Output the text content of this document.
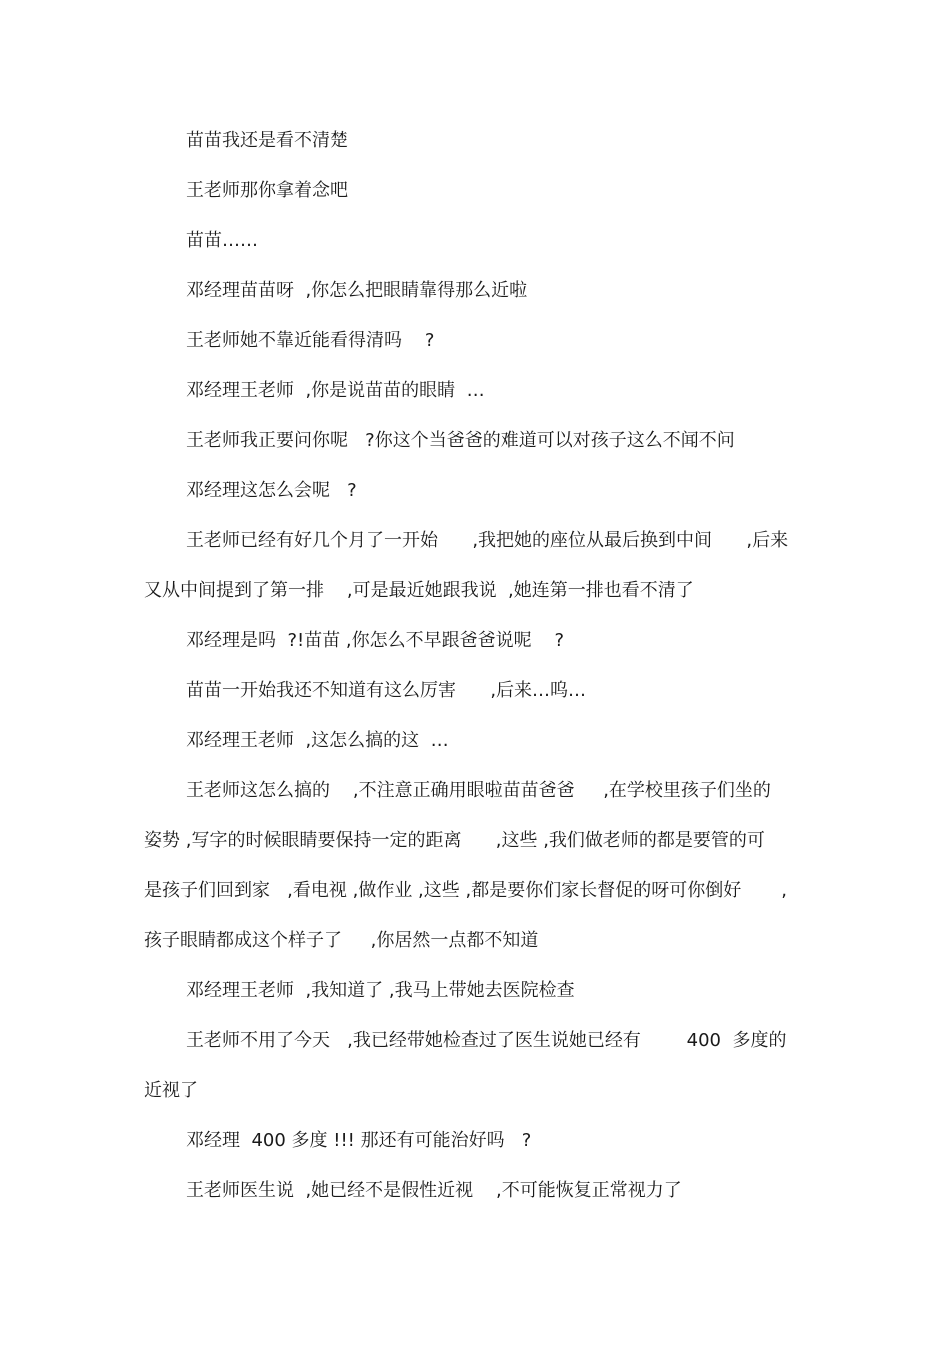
苗苗我还是看不清楚
王老师那你拿着念吧
苗苗……
邓经理苗苗呀  ,你怎么把眼睛靠得那么近啦
王老师她不靠近能看得清吗    ?
邓经理王老师  ,你是说苗苗的眼睛  …
王老师我正要问你呢   ?你这个当爸爸的难道可以对孩子这么不闻不问
邓经理这怎么会呢   ?
王老师已经有好几个月了一开始      ,我把她的座位从最后换到中间      ,后来
又从中间提到了第一排    ,可是最近她跟我说  ,她连第一排也看不清了
邓经理是吗  ?!苗苗 ,你怎么不早跟爸爸说呢    ?
苗苗一开始我还不知道有这么厉害      ,后来…呜…
邓经理王老师  ,这怎么搞的这  …
王老师这怎么搞的    ,不注意正确用眼啦苗苗爸爸     ,在学校里孩子们坐的
姿势 ,写字的时候眼睛要保持一定的距离      ,这些 ,我们做老师的都是要管的可
是孩子们回到家   ,看电视 ,做作业 ,这些 ,都是要你们家长督促的呀可你倒好       ,
孩子眼睛都成这个样子了     ,你居然一点都不知道
邓经理王老师  ,我知道了 ,我马上带她去医院检查
王老师不用了今天   ,我已经带她检查过了医生说她已经有        400  多度的
近视了
邓经理  400 多度 !!! 那还有可能治好吗   ?
王老师医生说  ,她已经不是假性近视    ,不可能恢复正常视力了
